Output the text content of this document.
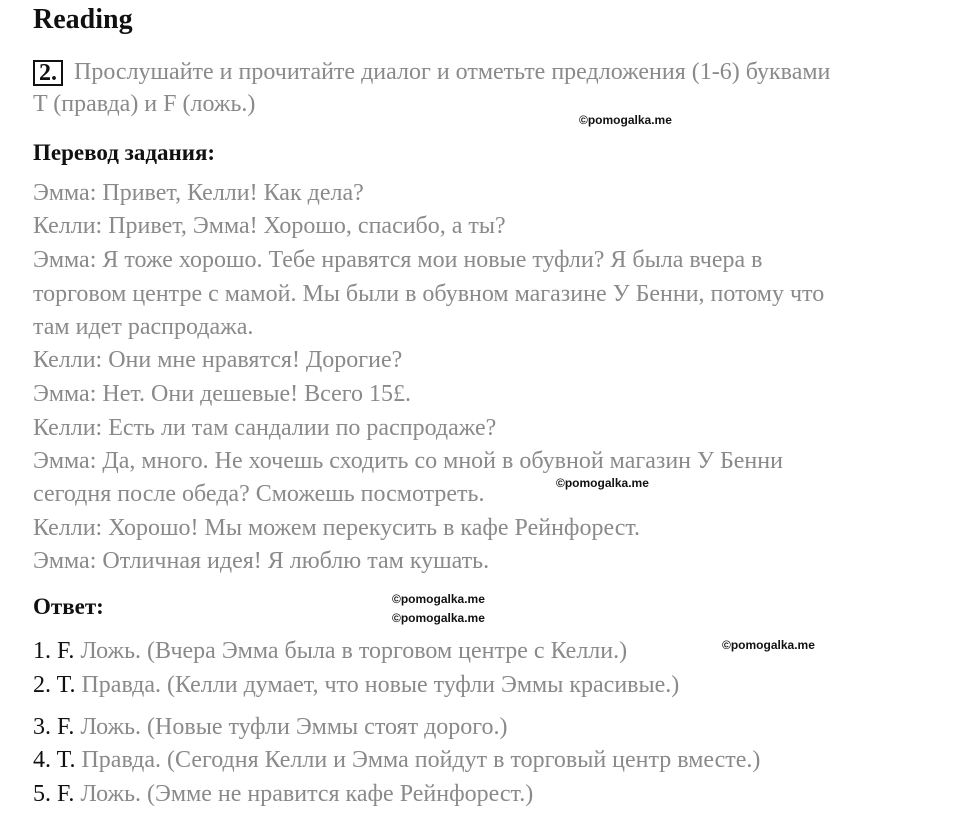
Reading
2. Прослушайте и прочитайте диалог и отметьте предложения (1-6) буквами
T (правда) и F (ложь.)
©pomogalka.me
Перевод задания:
Эмма: Привет, Келли! Как дела?
Келли: Привет, Эмма! Хорошо, спасибо, а ты?
Эмма: Я тоже хорошо. Тебе нравятся мои новые туфли? Я была вчера в
торговом центре с мамой. Мы были в обувном магазине У Бенни, потому что
там идет распродажа.
Келли: Они мне нравятся! Дорогие?
Эмма: Нет. Они дешевые! Всего 15£.
Келли: Есть ли там сандалии по распродаже?
Эмма: Да, много. Не хочешь сходить со мной в обувной магазин У Бенни
сегодня после обеда? Сможешь посмотреть.
Келли: Хорошо! Мы можем перекусить в кафе Рейнфорест.
Эмма: Отличная идея! Я люблю там кушать.
©pomogalka.me
Ответ:	©pomogalka.me
©pomogalka.me
©pomogalka.me
1. F. Ложь. (Вчера Эмма была в торговом центре с Келли.)
2. T. Правда. (Келли думает, что новые туфли Эммы красивые.)
3. F. Ложь. (Новые туфли Эммы стоят дорого.)
4. T. Правда. (Сегодня Келли и Эмма пойдут в торговый центр вместе.)
5. F. Ложь. (Эмме не нравится кафе Рейнфорест.)
